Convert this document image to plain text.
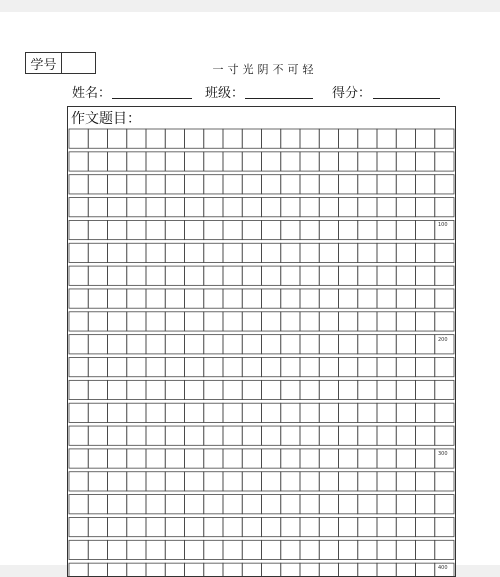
学号	一寸光阴不可轻
姓名：	班级：	得分：
作文题目：
100
200
300
400
